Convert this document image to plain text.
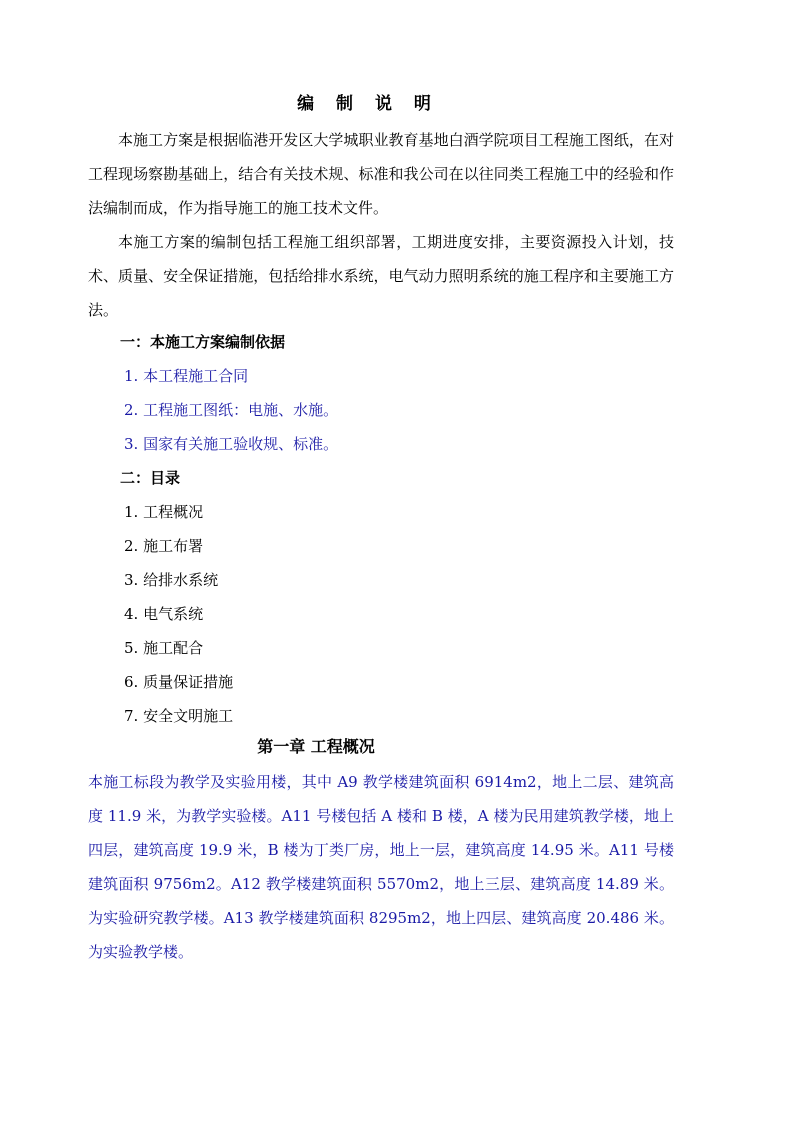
编 制 说 明
本施工方案是根据临港开发区大学城职业教育基地白酒学院项目工程施工图纸，在对工程现场察勘基础上，结合有关技术规、标准和我公司在以往同类工程施工中的经验和作法编制而成，作为指导施工的施工技术文件。
本施工方案的编制包括工程施工组织部署，工期进度安排，主要资源投入计划，技术、质量、安全保证措施，包括给排水系统，电气动力照明系统的施工程序和主要施工方法。
一：本施工方案编制依据
1. 本工程施工合同
2. 工程施工图纸：电施、水施。
3. 国家有关施工验收规、标准。
二：目录
1. 工程概况
2. 施工布署
3. 给排水系统
4. 电气系统
5. 施工配合
6. 质量保证措施
7. 安全文明施工
第一章 工程概况
本施工标段为教学及实验用楼，其中 A9 教学楼建筑面积 6914m2，地上二层、建筑高度 11.9 米，为教学实验楼。A11 号楼包括 A 楼和 B 楼，A 楼为民用建筑教学楼，地上四层，建筑高度 19.9 米，B 楼为丁类厂房，地上一层，建筑高度 14.95 米。A11 号楼建筑面积 9756m2。A12 教学楼建筑面积 5570m2，地上三层、建筑高度 14.89 米。为实验研究教学楼。A13 教学楼建筑面积 8295m2，地上四层、建筑高度 20.486 米。为实验教学楼。
